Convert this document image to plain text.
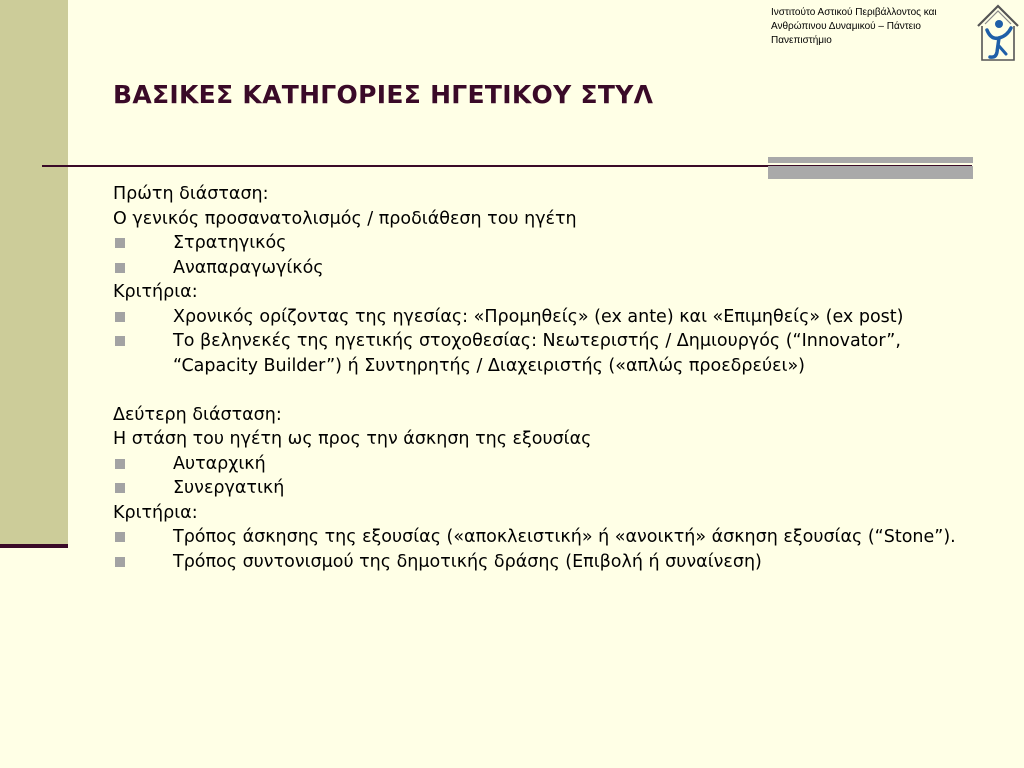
Ινστιτούτο Αστικού Περιβάλλοντος και
Ανθρώπινου Δυναμικού – Πάντειο
Πανεπιστήμιο
ΒΑΣΙΚΕΣ ΚΑΤΗΓΟΡΙΕΣ ΗΓΕΤΙΚΟΥ ΣΤΥΛ
Πρώτη διάσταση:
Ο γενικός προσανατολισμός / προδιάθεση του ηγέτη
Στρατηγικός
Αναπαραγωγίκός
Κριτήρια:
Χρονικός ορίζοντας της ηγεσίας: «Προμηθείς» (ex ante) και «Επιμηθείς» (ex post)
Το βεληνεκές της ηγετικής στοχοθεσίας: Νεωτεριστής / Δημιουργός (“Innovator”, “Capacity Builder”) ή Συντηρητής / Διαχειριστής («απλώς προεδρεύει»)
Δεύτερη διάσταση:
Η στάση του ηγέτη ως προς την άσκηση της εξουσίας
Αυταρχική
Συνεργατική
Κριτήρια:
Τρόπος άσκησης της εξουσίας («αποκλειστική» ή «ανοικτή» άσκηση εξουσίας (“Stone”).
Τρόπος συντονισμού της δημοτικής δράσης (Επιβολή ή συναίνεση)
